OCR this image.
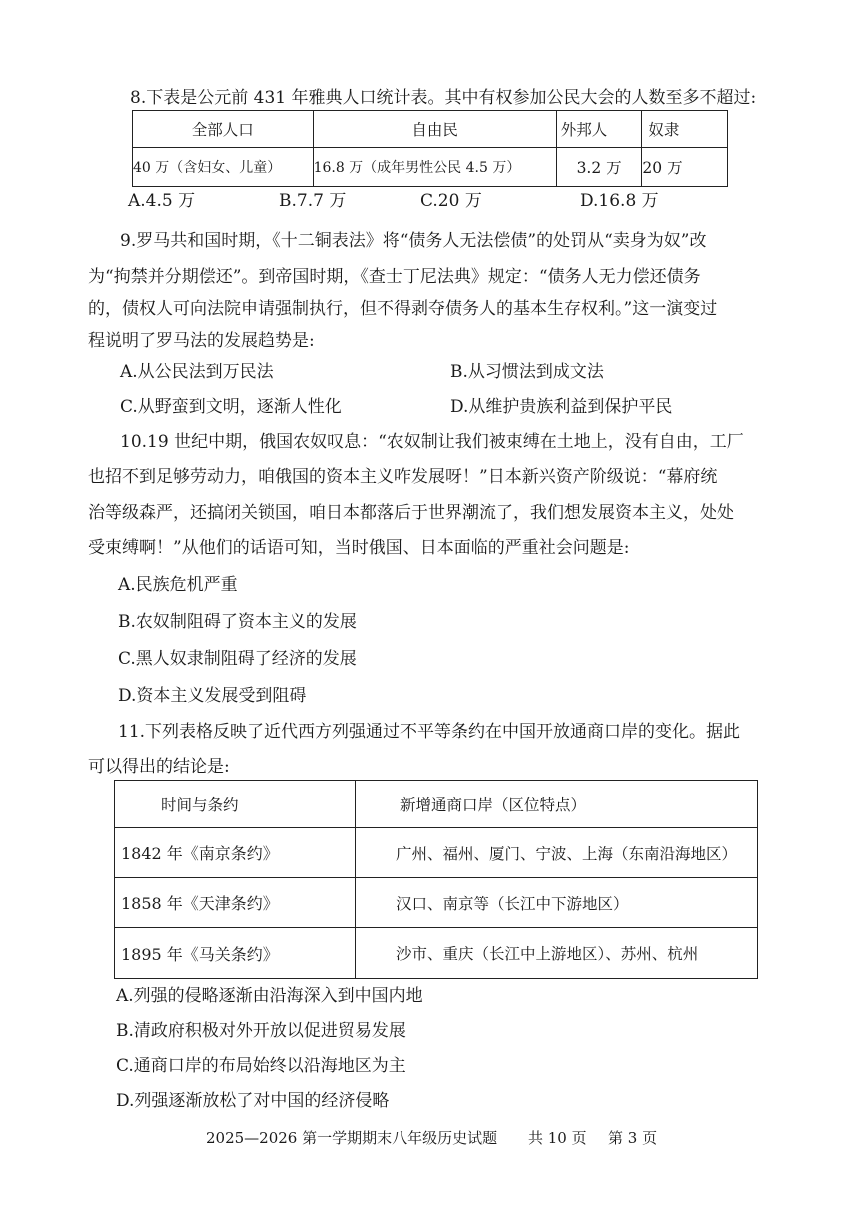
8.下表是公元前 431 年雅典人口统计表。其中有权参加公民大会的人数至多不超过:
全部人口	自由民	外邦人	奴隶
40 万（含妇女、儿童）	16.8 万（成年男性公民 4.5 万）	3.2 万	20 万
A.4.5 万	B.7.7 万	C.20 万	D.16.8 万
9.罗马共和国时期，《十二铜表法》将“债务人无法偿债”的处罚从“卖身为奴”改
为“拘禁并分期偿还”。到帝国时期，《查士丁尼法典》规定：“债务人无力偿还债务
的，债权人可向法院申请强制执行，但不得剥夺债务人的基本生存权利。”这一演变过
程说明了罗马法的发展趋势是:
A.从公民法到万民法	B.从习惯法到成文法
C.从野蛮到文明，逐渐人性化	D.从维护贵族利益到保护平民
10.19 世纪中期，俄国农奴叹息：“农奴制让我们被束缚在土地上，没有自由，工厂
也招不到足够劳动力，咱俄国的资本主义咋发展呀！”日本新兴资产阶级说：“幕府统
治等级森严，还搞闭关锁国，咱日本都落后于世界潮流了，我们想发展资本主义，处处
受束缚啊！”从他们的话语可知，当时俄国、日本面临的严重社会问题是:
A.民族危机严重
B.农奴制阻碍了资本主义的发展
C.黑人奴隶制阻碍了经济的发展
D.资本主义发展受到阻碍
11.下列表格反映了近代西方列强通过不平等条约在中国开放通商口岸的变化。据此
可以得出的结论是:
时间与条约	新增通商口岸（区位特点）
1842 年《南京条约》	广州、福州、厦门、宁波、上海（东南沿海地区）
1858 年《天津条约》	汉口、南京等（长江中下游地区）
1895 年《马关条约》	沙市、重庆（长江中上游地区）、苏州、杭州
A.列强的侵略逐渐由沿海深入到中国内地
B.清政府积极对外开放以促进贸易发展
C.通商口岸的布局始终以沿海地区为主
D.列强逐渐放松了对中国的经济侵略
2025—2026 第一学期期末八年级历史试题 共 10 页 第 3 页
